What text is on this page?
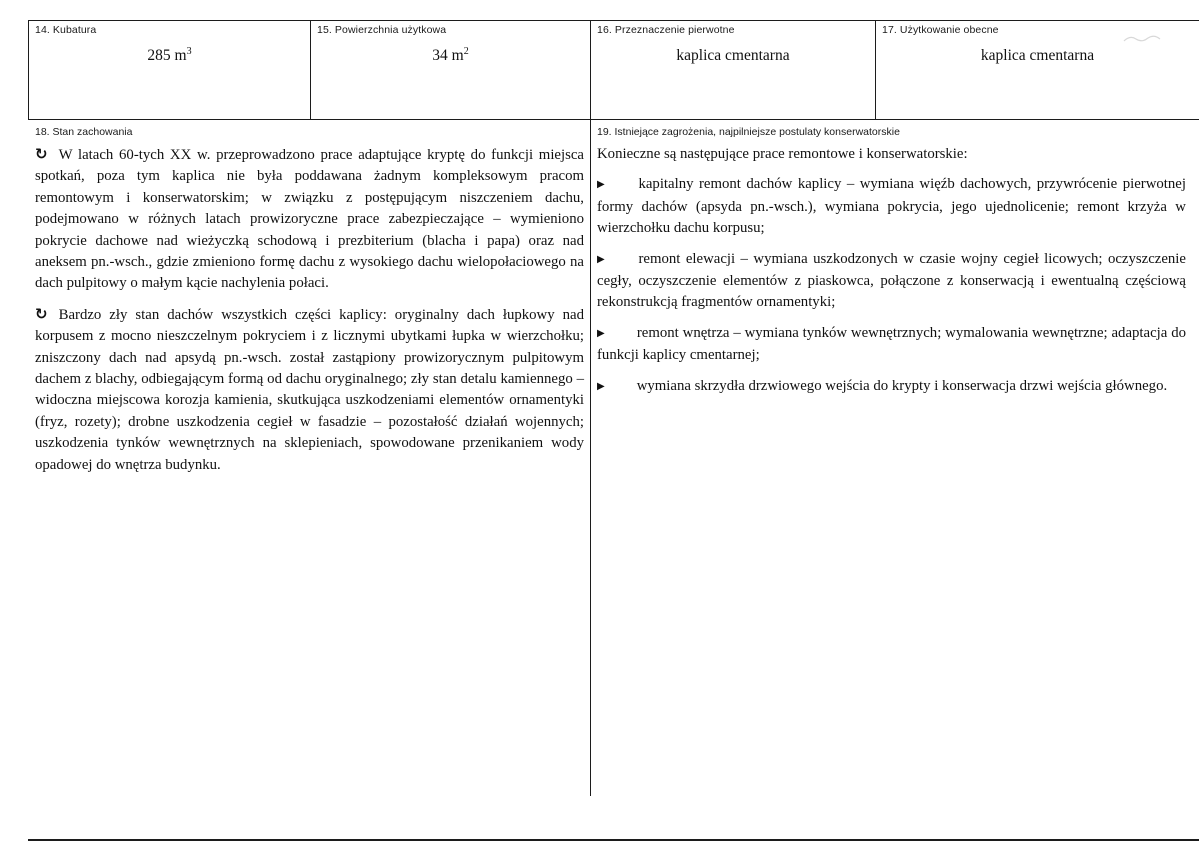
14. Kubatura
285 $m^3$
15. Powierzchnia użytkowa
34 $m^2$
16. Przeznaczenie pierwotne
kaplica cmentarna
17. Użytkowanie obecne
kaplica cmentarna
18. Stan zachowania	19. Istniejące zagrożenia, najpilniejsze postulaty konserwatorskie

↻ W latach 60-tych XX w. przeprowadzono prace adaptujące kryptę do funkcji miejsca spotkań, poza tym kaplica nie była poddawana żadnym kompleksowym pracom remontowym i konserwatorskim; w związku z postępującym niszczeniem dachu, podejmowano w różnych latach prowizoryczne prace zabezpieczające – wymieniono pokrycie dachowe nad wieżyczką schodową i prezbiterium (blacha i papa) oraz nad aneksem pn.-wsch., gdzie zmieniono formę dachu z wysokiego dachu wielopołaciowego na dach pulpitowy o małym kącie nachylenia połaci.

↻ Bardzo zły stan dachów wszystkich części kaplicy: oryginalny dach łupkowy nad korpusem z mocno nieszczelnym pokryciem i z licznymi ubytkami łupka w wierzchołku; zniszczony dach nad apsydą pn.-wsch. został zastąpiony prowizorycznym pulpitowym dachem z blachy, odbiegającym formą od dachu oryginalnego; zły stan detalu kamiennego – widoczna miejscowa korozja kamienia, skutkująca uszkodzeniami elementów ornamentyki (fryz, rozety); drobne uszkodzenia cegieł w fasadzie – pozostałość działań wojennych; uszkodzenia tynków wewnętrznych na sklepieniach, spowodowane przenikaniem wody opadowej do wnętrza budynku.

Konieczne są następujące prace remontowe i konserwatorskie:

▶ kapitalny remont dachów kaplicy – wymiana więźb dachowych, przywrócenie pierwotnej formy dachów (apsyda pn.-wsch.), wymiana pokrycia, jego ujednolicenie; remont krzyża w wierzchołku dachu korpusu;

▶ remont elewacji – wymiana uszkodzonych w czasie wojny cegieł licowych; oczyszczenie cegły, oczyszczenie elementów z piaskowca, połączone z konserwacją i ewentualną częściową rekonstrukcją fragmentów ornamentyki;

▶ remont wnętrza – wymiana tynków wewnętrznych; wymalowania wewnętrzne; adaptacja do funkcji kaplicy cmentarnej;

▶ wymiana skrzydła drzwiowego wejścia do krypty i konserwacja drzwi wejścia głównego.
